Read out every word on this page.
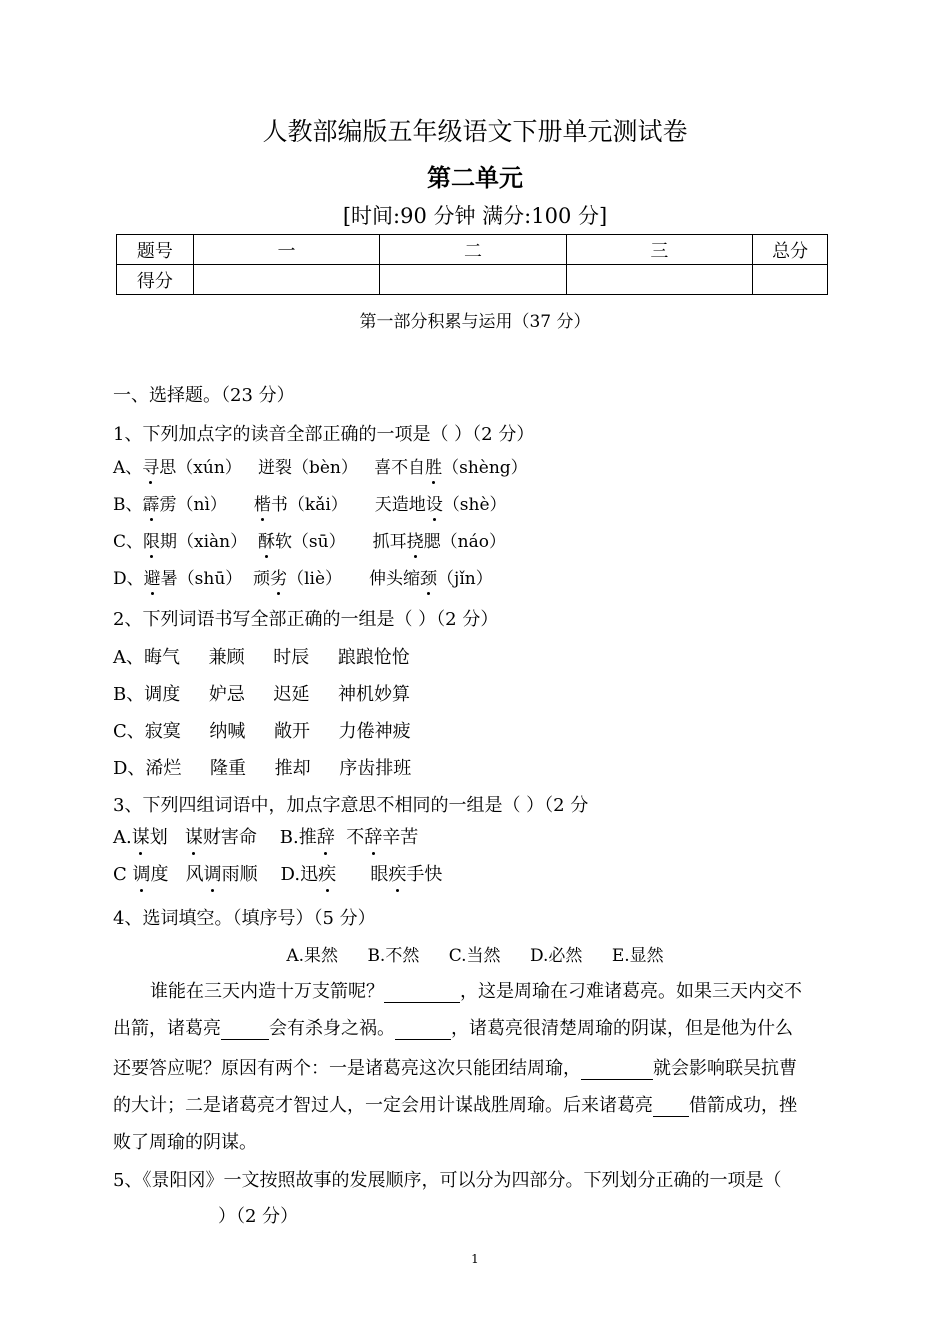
人教部编版五年级语文下册单元测试卷
第二单元
[时间:90 分钟 满分:100 分]
题号	一	二	三	总分
得分				
第一部分积累与运用（37 分）
一、选择题。（23 分）
1、下列加点字的读音全部正确的一项是（ ）（2 分）
A、寻思（xún）   迸裂（bèn）   喜不自胜（shèng）
B、霹雳（nì）     楷书（kǎi）     天造地设（shè）
C、限期（xiàn）  酥软（sū）     抓耳挠腮（náo）
D、避暑（shū）  顽劣（liè）     伸头缩颈（jǐn）
2、下列词语书写全部正确的一组是（ ）（2 分）
A、晦气     兼顾     时辰     踉踉怆怆
B、调度     妒忌     迟延     神机妙算
C、寂寞     纳喊     敞开     力倦神疲
D、浠烂     隆重     推却     序齿排班
3、下列四组词语中，加点字意思不相同的一组是（ ）（2 分
A.谋划   谋财害命    B.推辞  不辞辛苦
C 调度   风调雨顺    D.迅疾      眼疾手快
4、选词填空。（填序号）（5 分）
A.果然 B.不然 C.当然 D.必然 E.显然
谁能在三天内造十万支箭呢？	，这是周瑜在刁难诸葛亮。如果三天内交不
出箭，诸葛亮	会有杀身之祸。	，诸葛亮很清楚周瑜的阴谋，但是他为什么
还要答应呢？原因有两个：一是诸葛亮这次只能团结周瑜，	就会影响联吴抗曹
的大计；二是诸葛亮才智过人，一定会用计谋战胜周瑜。后来诸葛亮 借箭成功，挫
败了周瑜的阴谋。
5、《景阳冈》一文按照故事的发展顺序，可以分为四部分。下列划分正确的一项是（
）（2 分）
1
